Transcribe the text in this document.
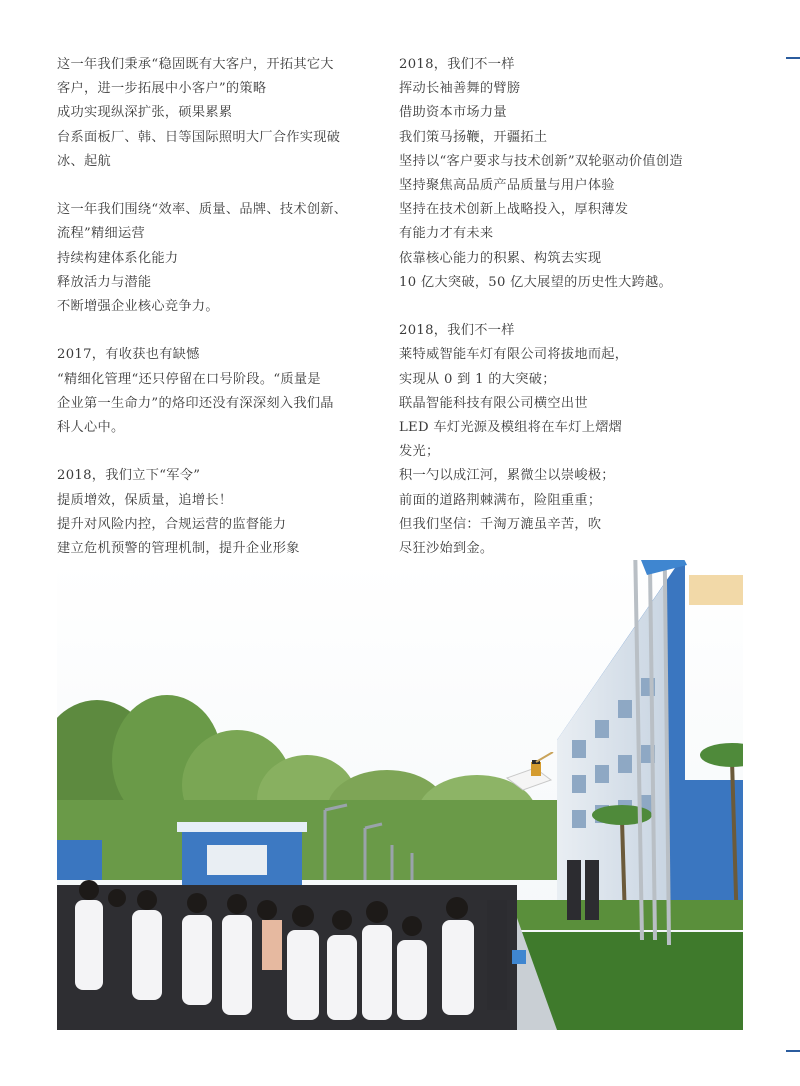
这一年我们秉承“稳固既有大客户，开拓其它大
客户，进一步拓展中小客户”的策略
成功实现纵深扩张，硕果累累
台系面板厂、韩、日等国际照明大厂合作实现破
冰、起航
这一年我们围绕“效率、质量、品牌、技术创新、
流程”精细运营
持续构建体系化能力
释放活力与潜能
不断增强企业核心竞争力。
2017，有收获也有缺憾
“精细化管理“还只停留在口号阶段。“质量是
企业第一生命力”的烙印还没有深深刻入我们晶
科人心中。
2018，我们立下“军令”
提质增效，保质量，追增长！
提升对风险内控，合规运营的监督能力
建立危机预警的管理机制，提升企业形象
2018，我们不一样
挥动长袖善舞的臂膀
借助资本市场力量
我们策马扬鞭，开疆拓土
坚持以“客户要求与技术创新”双轮驱动价值创造
坚持聚焦高品质产品质量与用户体验
坚持在技术创新上战略投入，厚积薄发
有能力才有未来
依靠核心能力的积累、构筑去实现
10 亿大突破，50 亿大展望的历史性大跨越。
2018，我们不一样
莱特威智能车灯有限公司将拔地而起，
实现从 0 到 1 的大突破；
联晶智能科技有限公司横空出世
LED 车灯光源及模组将在车灯上熠熠
发光；
积一勺以成江河，累微尘以崇峻极；
前面的道路荆棘满布，险阻重重；
但我们坚信：千淘万漉虽辛苦，吹
尽狂沙始到金。
